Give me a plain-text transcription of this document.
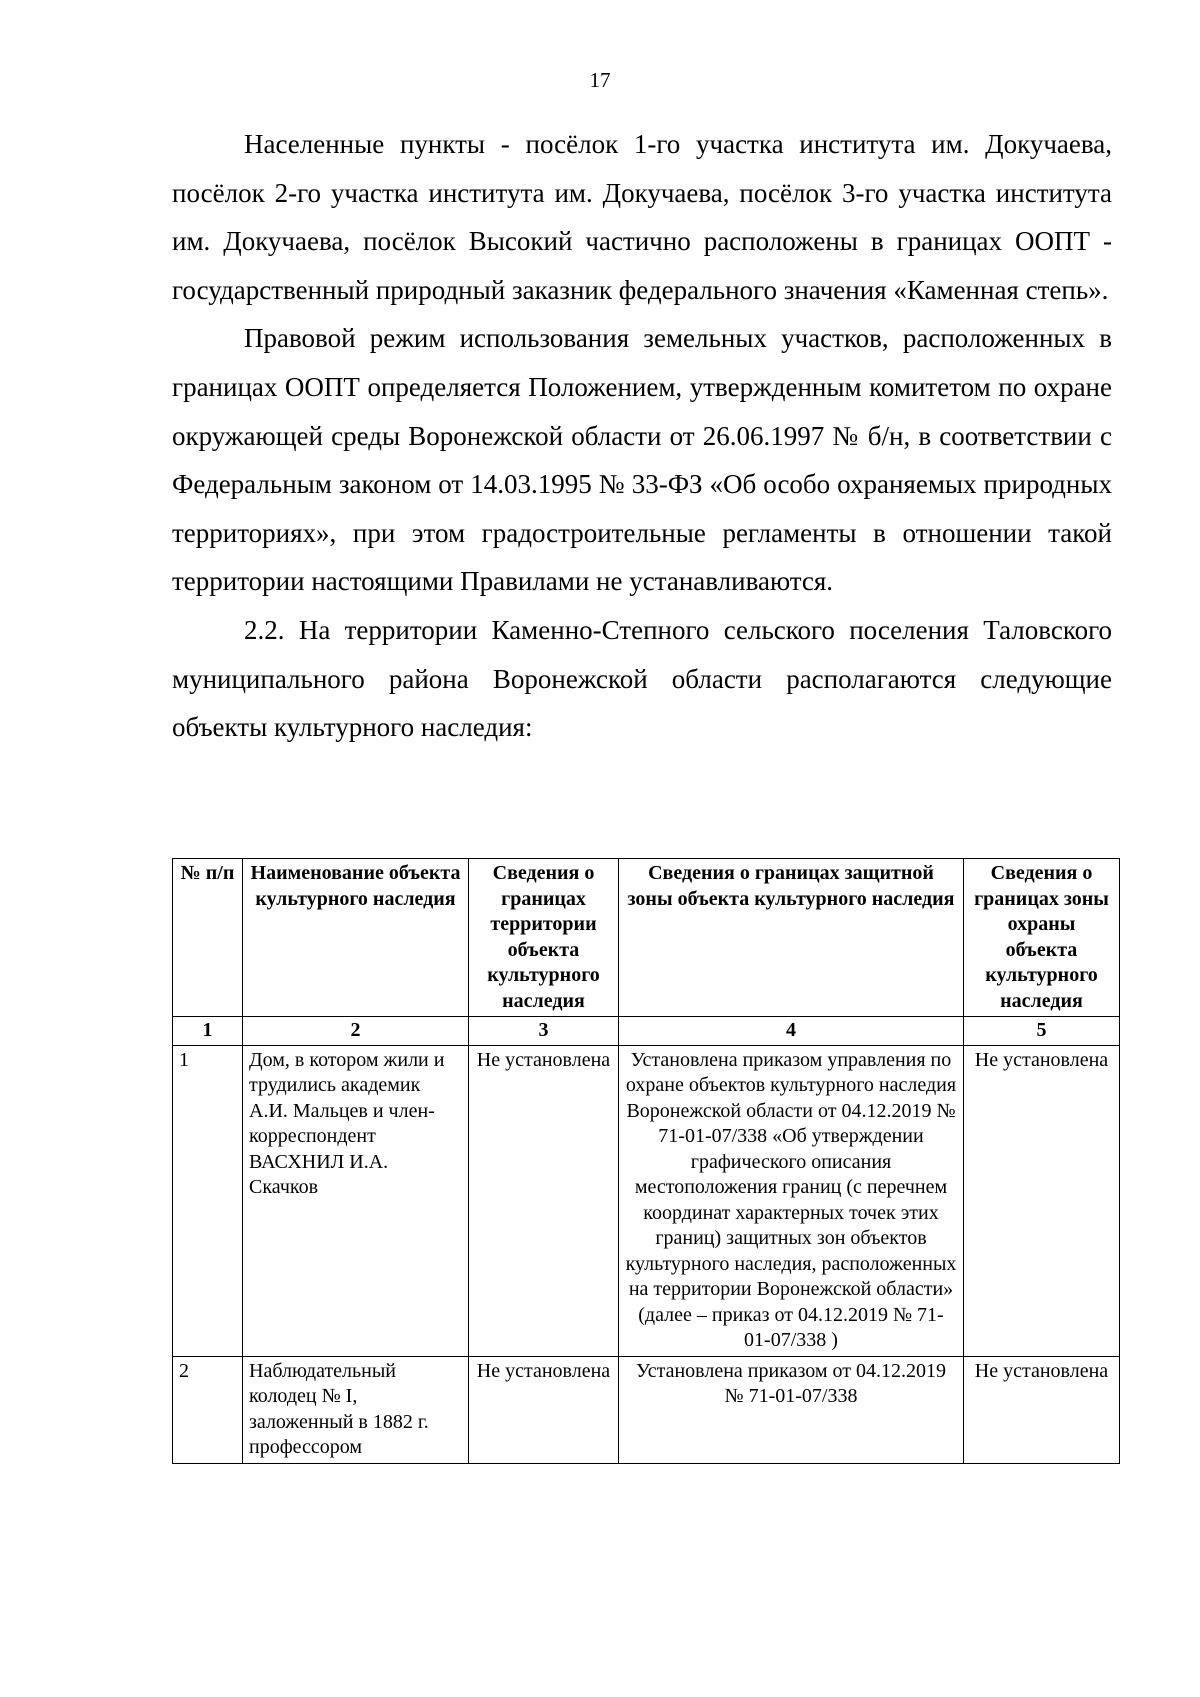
17

Населенные пункты - посёлок 1-го участка института им. Докучаева, посёлок 2-го участка института им. Докучаева, посёлок 3-го участка института им. Докучаева, посёлок Высокий частично расположены в границах ООПТ - государственный природный заказник федерального значения «Каменная степь».

Правовой режим использования земельных участков, расположенных в границах ООПТ определяется Положением, утвержденным комитетом по охране окружающей среды Воронежской области от 26.06.1997 № б/н, в соответствии с Федеральным законом от 14.03.1995 № 33-ФЗ «Об особо охраняемых природных территориях», при этом градостроительные регламенты в отношении такой территории настоящими Правилами не устанавливаются.

2.2. На территории Каменно-Степного сельского поселения Таловского муниципального района Воронежской области располагаются следующие объекты культурного наследия:

№ п/п	Наименование объекта культурного наследия	Сведения о границах территории объекта культурного наследия	Сведения о границах защитной зоны объекта культурного наследия	Сведения о границах зоны охраны объекта культурного наследия
1	2	3	4	5
1	Дом, в котором жили и трудились академик А.И. Мальцев и член-корреспондент ВАСХНИЛ И.А. Скачков	Не установлена	Установлена приказом управления по охране объектов культурного наследия Воронежской области от 04.12.2019 № 71-01-07/338 «Об утверждении графического описания местоположения границ (с перечнем координат характерных точек этих границ) защитных зон объектов культурного наследия, расположенных на территории Воронежской области» (далее – приказ от 04.12.2019 № 71-01-07/338 )	Не установлена
2	Наблюдательный колодец № I, заложенный в 1882 г. профессором	Не установлена	Установлена приказом от 04.12.2019 № 71-01-07/338	Не установлена
